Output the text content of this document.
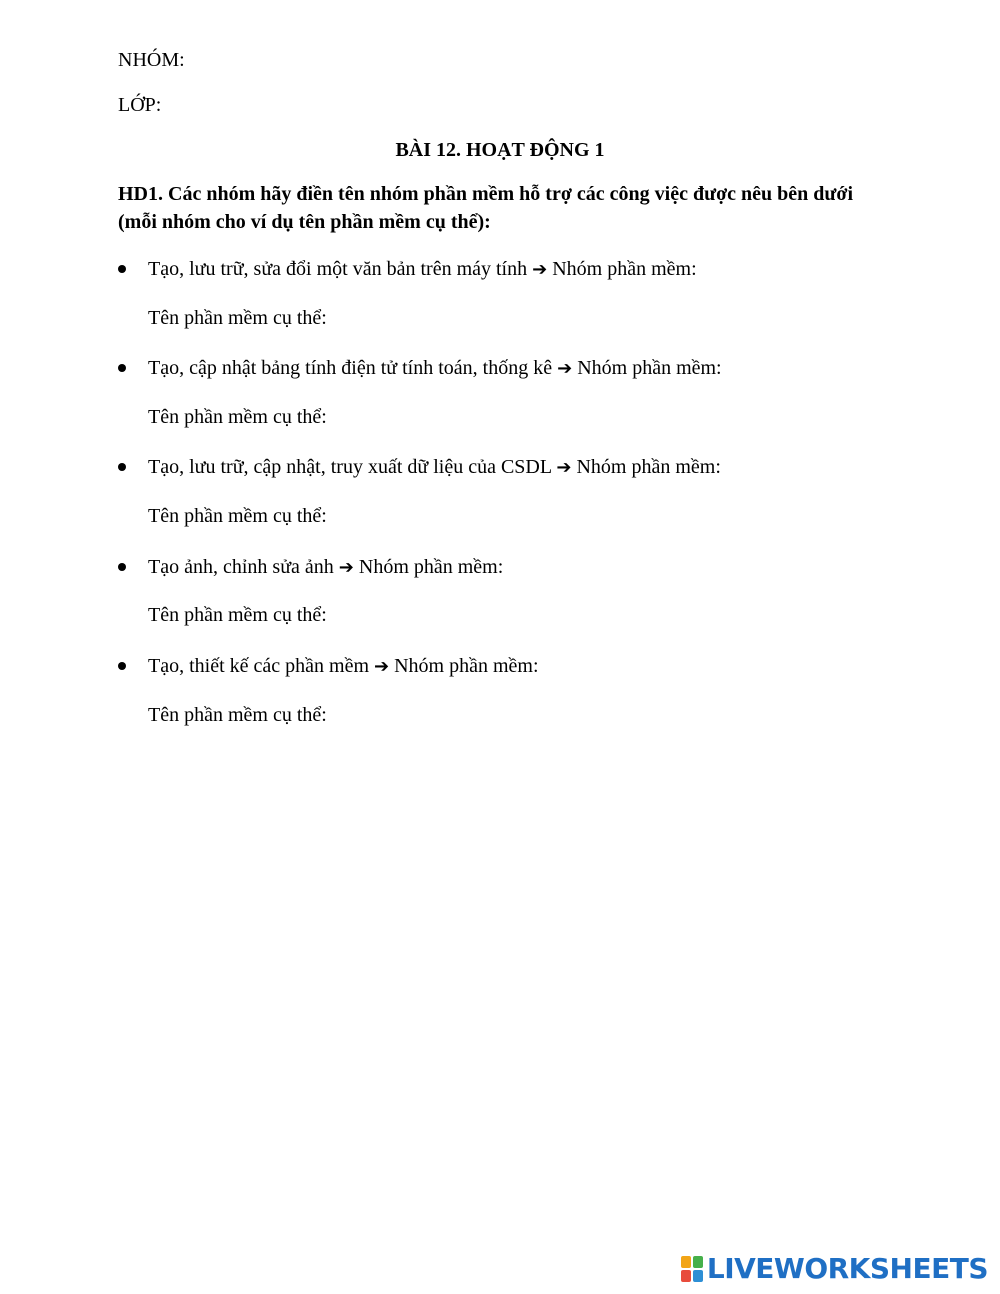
NHÓM:
LỚP:
BÀI 12. HOẠT ĐỘNG 1
HD1. Các nhóm hãy điền tên nhóm phần mềm hỗ trợ các công việc được nêu bên dưới (mỗi nhóm cho ví dụ tên phần mềm cụ thể):
Tạo, lưu trữ, sửa đổi một văn bản trên máy tính ➔ Nhóm phần mềm:
Tên phần mềm cụ thể:
Tạo, cập nhật bảng tính điện tử tính toán, thống kê ➔ Nhóm phần mềm:
Tên phần mềm cụ thể:
Tạo, lưu trữ, cập nhật, truy xuất dữ liệu của CSDL ➔ Nhóm phần mềm:
Tên phần mềm cụ thể:
Tạo ảnh, chỉnh sửa ảnh ➔ Nhóm phần mềm:
Tên phần mềm cụ thể:
Tạo, thiết kế các phần mềm ➔ Nhóm phần mềm:
Tên phần mềm cụ thể:
LIVEWORKSHEETS
